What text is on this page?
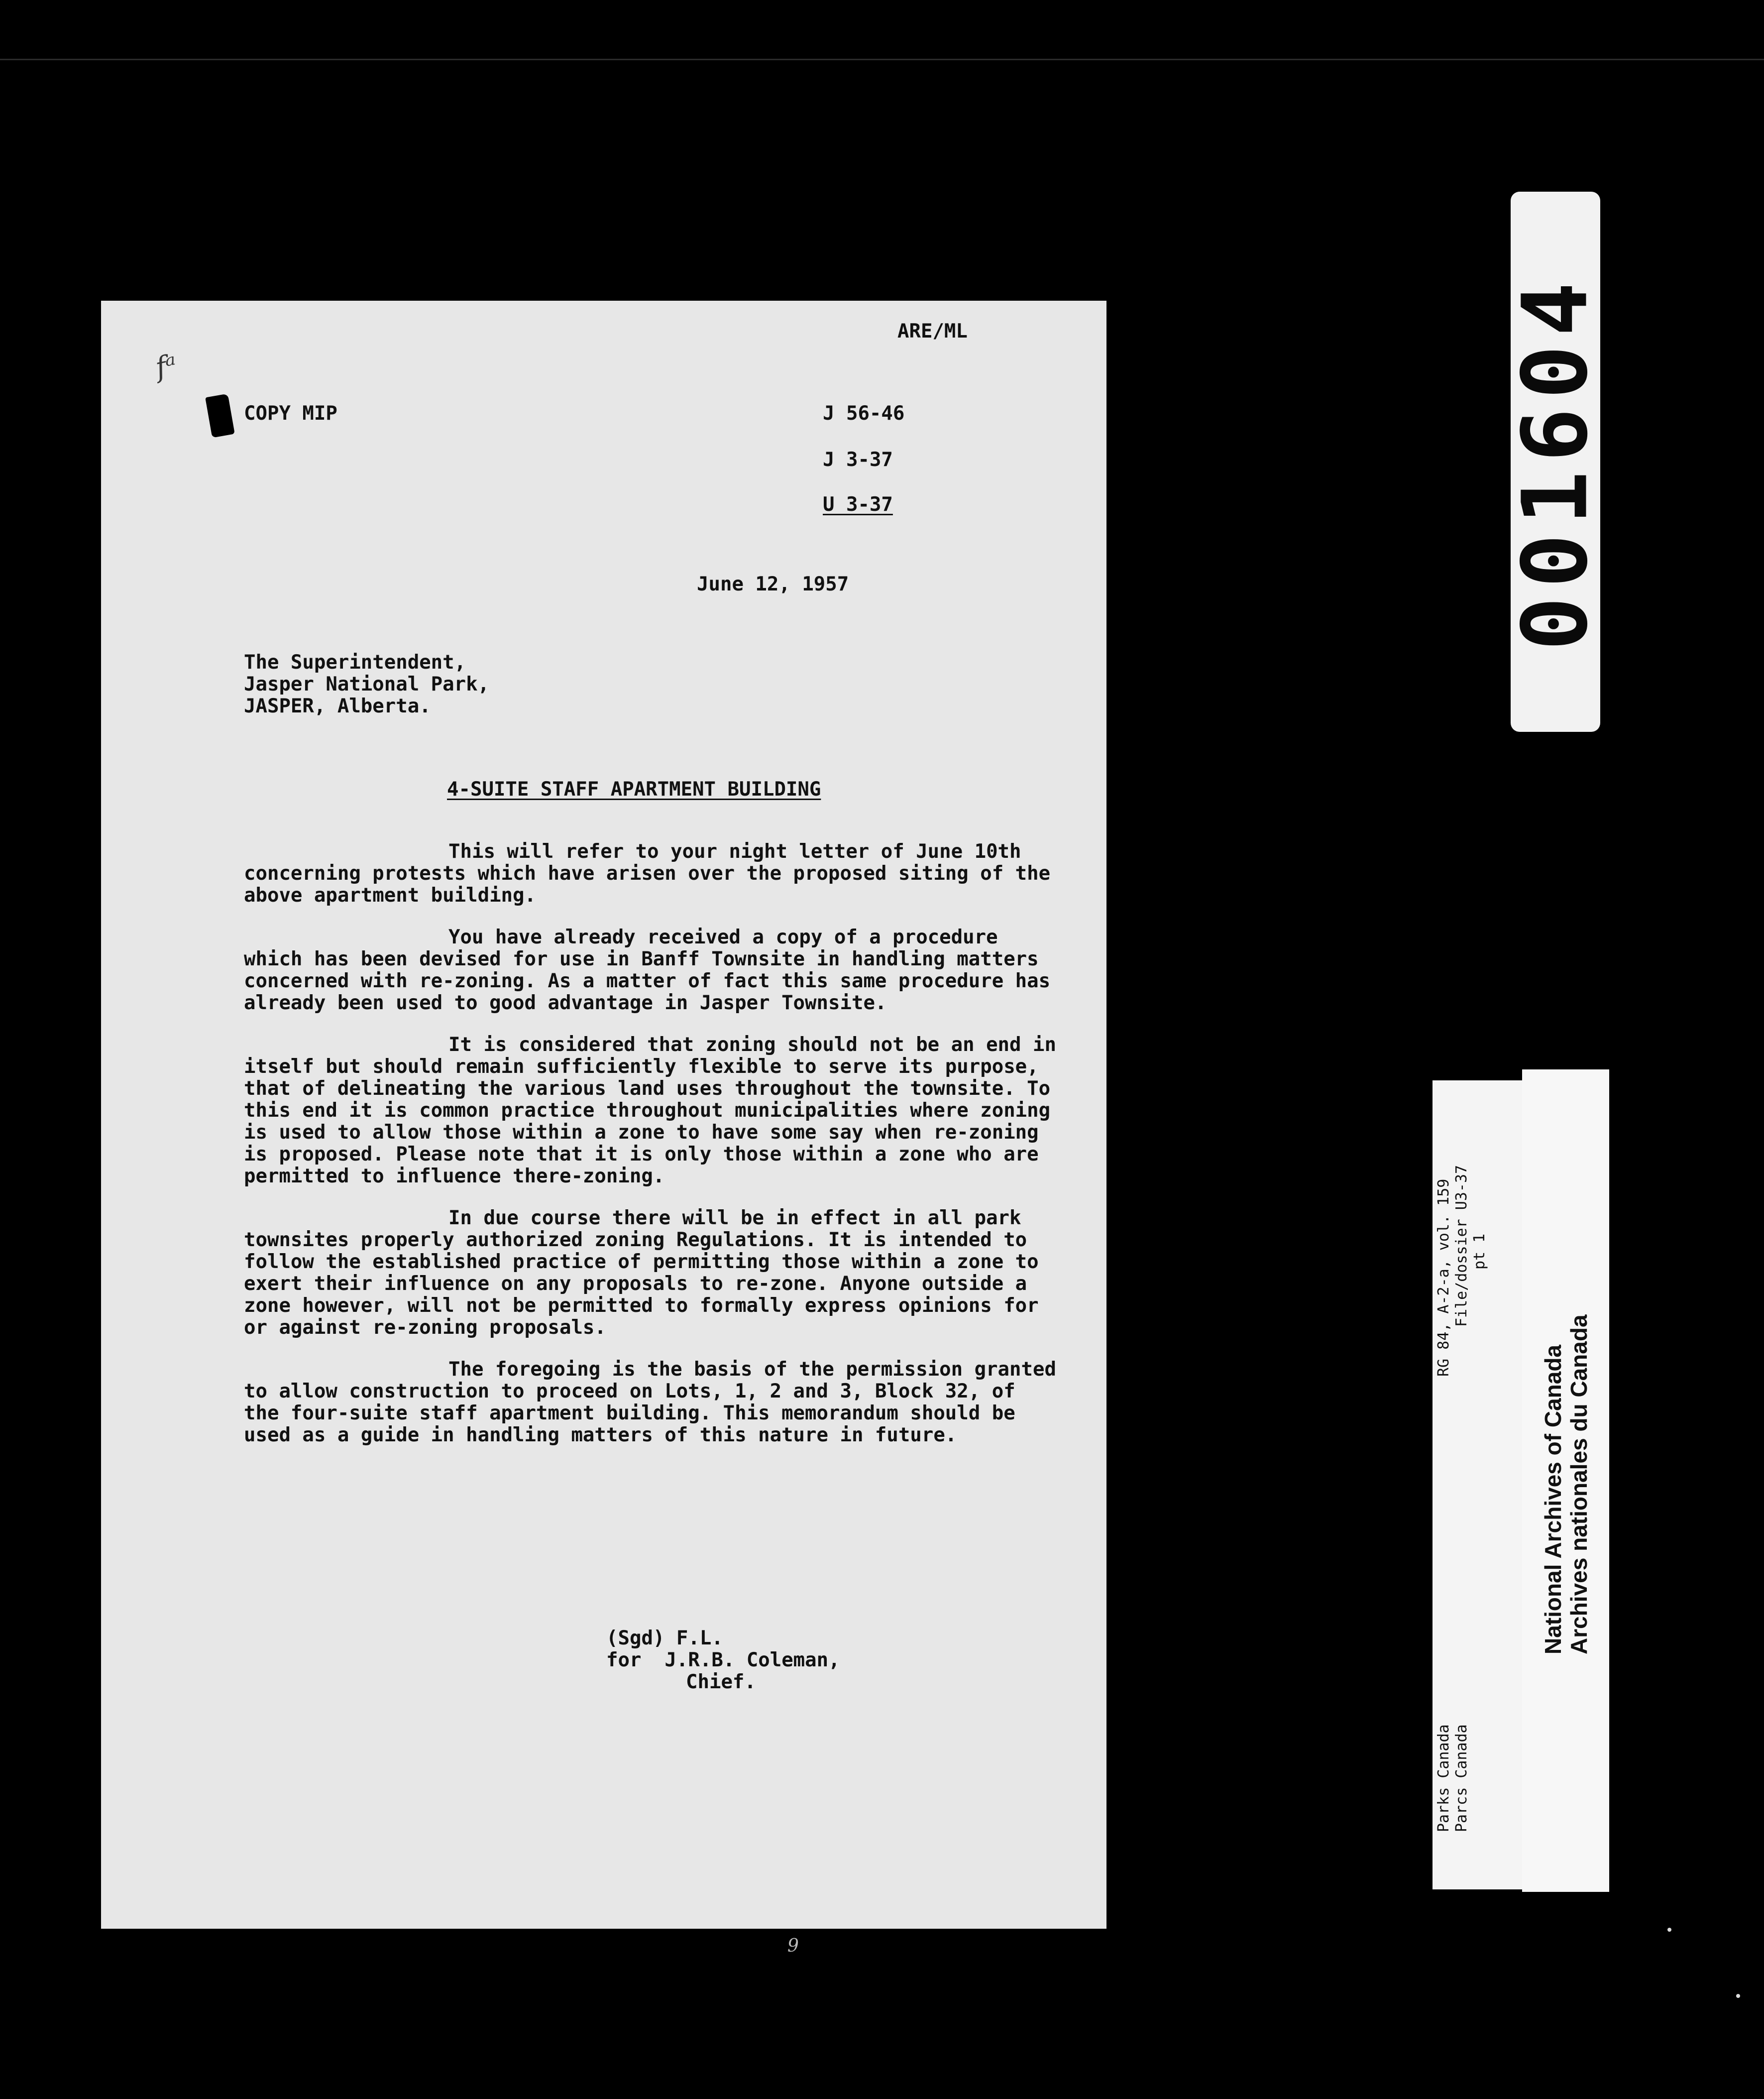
ARE/ML
fᵃ
COPY MIP	J 56-46
J 3-37
U 3-37
June 12, 1957
The Superintendent,
Jasper National Park,
JASPER, Alberta.
4-SUITE STAFF APARTMENT BUILDING

This will refer to your night letter of June 10th concerning protests which have arisen over the proposed siting of the above apartment building.

You have already received a copy of a procedure which has been devised for use in Banff Townsite in handling matters concerned with re-zoning. As a matter of fact this same procedure has already been used to good advantage in Jasper Townsite.

It is considered that zoning should not be an end in itself but should remain sufficiently flexible to serve its purpose, that of delineating the various land uses throughout the townsite. To this end it is common practice throughout municipalities where zoning is used to allow those within a zone to have some say when re-zoning is proposed. Please note that it is only those within a zone who are permitted to influence there-zoning.

In due course there will be in effect in all park townsites properly authorized zoning Regulations. It is intended to follow the established practice of permitting those within a zone to exert their influence on any proposals to re-zone. Anyone outside a zone however, will not be permitted to formally express opinions for or against re-zoning proposals.

The foregoing is the basis of the permission granted to allow construction to proceed on Lots, 1, 2 and 3, Block 32, of the four-suite staff apartment building. This memorandum should be used as a guide in handling matters of this nature in future.

(Sgd) F.L.
for  J.R.B. Coleman,
Chief.
9
001604
RG 84, A-2-a, vol. 159 File/dossier U3-37 pt 1
Parks Canada Parcs Canada
National Archives of Canada Archives nationales du Canada
